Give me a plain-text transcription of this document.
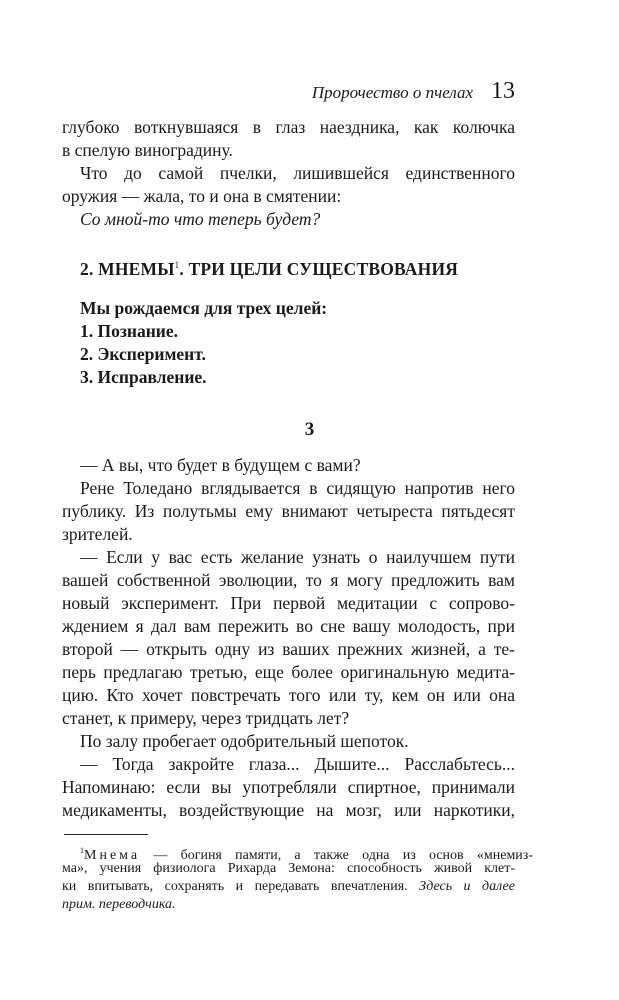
Пророчество о пчелах 13
глубоко воткнувшаяся в глаз наездника, как колючка
в спелую виноградину.
Что до самой пчелки, лишившейся единственного
оружия — жала, то и она в смятении:
Со мной-то что теперь будет?
2. МНЕМЫ$^1$. ТРИ ЦЕЛИ СУЩЕСТВОВАНИЯ
Мы рождаемся для трех целей:
1. Познание.
2. Эксперимент.
3. Исправление.
3
— А вы, что будет в будущем с вами?
Рене Толедано вглядывается в сидящую напротив него
публику. Из полутьмы ему внимают четыреста пятьдесят
зрителей.
— Если у вас есть желание узнать о наилучшем пути
вашей собственной эволюции, то я могу предложить вам
новый эксперимент. При первой медитации с сопрово-
ждением я дал вам пережить во сне вашу молодость, при
второй — открыть одну из ваших прежних жизней, а те-
перь предлагаю третью, еще более оригинальную медита-
цию. Кто хочет повстречать того или ту, кем он или она
станет, к примеру, через тридцать лет?
По залу пробегает одобрительный шепоток.
— Тогда закройте глаза... Дышите... Расслабьтесь...
Напоминаю: если вы употребляли спиртное, принимали
медикаменты, воздействующие на мозг, или наркотики,
$^1$Мнема — богиня памяти, а также одна из основ «мнемиз-
ма», учения физиолога Рихарда Земона: способность живой клет-
ки впитывать, сохранять и передавать впечатления. Здесь и далее
прим. переводчика.
